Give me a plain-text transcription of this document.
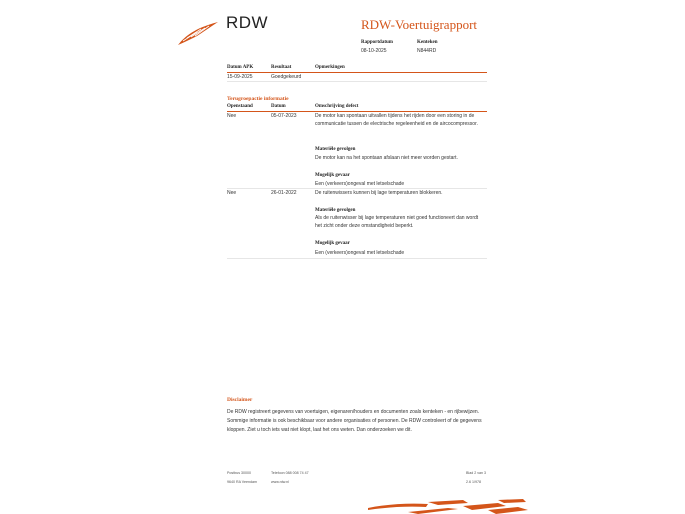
RDW	RDW-Voertuigrapport
Rapportdatum
08-10-2025
Kenteken
N844RD
Datum APK	Resultaat	Opmerkingen
15-09-2025	Goedgekeurd
Terugroepactie informatie
Openstaand	Datum	Omschrijving defect
Nee	05-07-2023	De motor kan spontaan uitvallen tijdens het rijden door een storing in de communicatie tussen de electrische regeleenheid en de aircocompressor.
Materiële gevolgen
De motor kan na het spontaan afslaan niet meer worden gestart.
Mogelijk gevaar
Een (verkeers)ongeval met letselschade
Nee	26-01-2022	De ruitenwissers kunnen bij lage temperaturen blokkeren.
Materiële gevolgen
Als de ruitenwisser bij lage temperaturen niet goed functioneert dan wordt het zicht onder deze omstandigheid beperkt.
Mogelijk gevaar
Een (verkeers)ongeval met letselschade
Disclaimer
De RDW registreert gegevens van voertuigen, eigenaren/houders en documenten zoals kenteken - en rijbewijzen. Sommige informatie is ook beschikbaar voor andere organisaties of personen. De RDW controleert of de gegevens kloppen. Ziet u toch iets wat niet klopt, laat het ons weten. Dan onderzoeken we dit.
Postbus 30000
9640 RA Veendam
Telefoon 088 008 74 47
www.rdw.nl
Blad 2 van 3
2.6 1/978
